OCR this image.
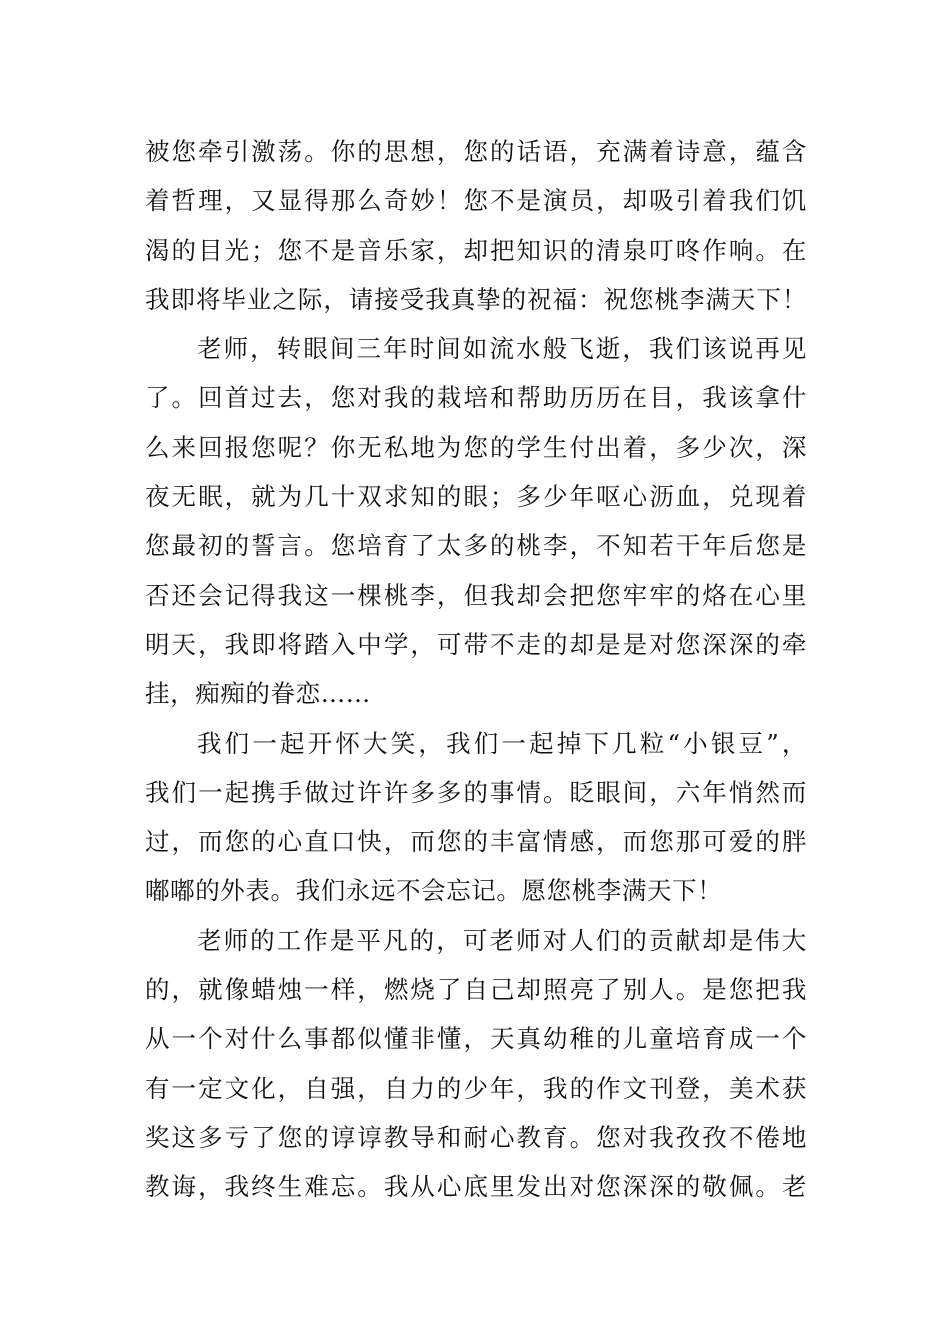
被您牵引激荡。你的思想，您的话语，充满着诗意，蕴含
着哲理，又显得那么奇妙！您不是演员，却吸引着我们饥
渴的目光；您不是音乐家，却把知识的清泉叮咚作响。在
我即将毕业之际，请接受我真挚的祝福：祝您桃李满天下！
老师，转眼间三年时间如流水般飞逝，我们该说再见
了。回首过去，您对我的栽培和帮助历历在目，我该拿什
么来回报您呢？你无私地为您的学生付出着，多少次，深
夜无眠，就为几十双求知的眼；多少年呕心沥血，兑现着
您最初的誓言。您培育了太多的桃李，不知若干年后您是
否还会记得我这一棵桃李，但我却会把您牢牢的烙在心里
明天，我即将踏入中学，可带不走的却是是对您深深的牵
挂，痴痴的眷恋……
我们一起开怀大笑，我们一起掉下几粒“小银豆”，
我们一起携手做过许许多多的事情。眨眼间，六年悄然而
过，而您的心直口快，而您的丰富情感，而您那可爱的胖
嘟嘟的外表。我们永远不会忘记。愿您桃李满天下！
老师的工作是平凡的，可老师对人们的贡献却是伟大
的，就像蜡烛一样，燃烧了自己却照亮了别人。是您把我
从一个对什么事都似懂非懂，天真幼稚的儿童培育成一个
有一定文化，自强，自力的少年，我的作文刊登，美术获
奖这多亏了您的谆谆教导和耐心教育。您对我孜孜不倦地
教诲，我终生难忘。我从心底里发出对您深深的敬佩。老
